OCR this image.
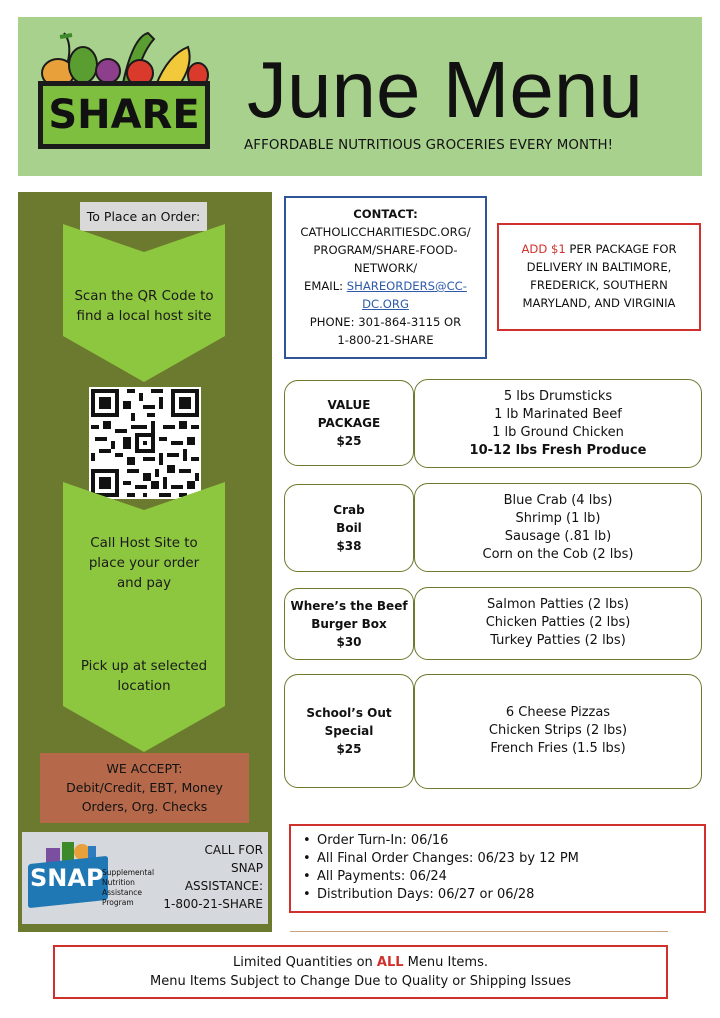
SHARE June Menu
AFFORDABLE NUTRITIOUS GROCERIES EVERY MONTH!
To Place an Order:
Scan the QR Code to
find a local host site
Call Host Site to
place your order
and pay
Pick up at selected
location
WE ACCEPT:
Debit/Credit, EBT, Money
Orders, Org. Checks
SNAP
Supplemental
Nutrition
Assistance
Program
CALL FOR
SNAP
ASSISTANCE:
1-800-21-SHARE
CONTACT:
CATHOLICCHARITIESDC.ORG/
PROGRAM/SHARE-FOOD-
NETWORK/
EMAIL: SHAREORDERS@CC-
DC.ORG
PHONE: 301-864-3115 OR
1-800-21-SHARE
ADD $1 PER PACKAGE FOR
DELIVERY IN BALTIMORE,
FREDERICK, SOUTHERN
MARYLAND, AND VIRGINIA
VALUE
PACKAGE
$25
5 lbs Drumsticks
1 lb Marinated Beef
1 lb Ground Chicken
10-12 lbs Fresh Produce
Crab
Boil
$38
Blue Crab (4 lbs)
Shrimp (1 lb)
Sausage (.81 lb)
Corn on the Cob (2 lbs)
Where’s the Beef
Burger Box
$30
Salmon Patties (2 lbs)
Chicken Patties (2 lbs)
Turkey Patties (2 lbs)
School’s Out
Special
$25
6 Cheese Pizzas
Chicken Strips (2 lbs)
French Fries (1.5 lbs)
• Order Turn-In: 06/16
• All Final Order Changes: 06/23 by 12 PM
• All Payments: 06/24
• Distribution Days: 06/27 or 06/28
Limited Quantities on ALL Menu Items.
Menu Items Subject to Change Due to Quality or Shipping Issues
